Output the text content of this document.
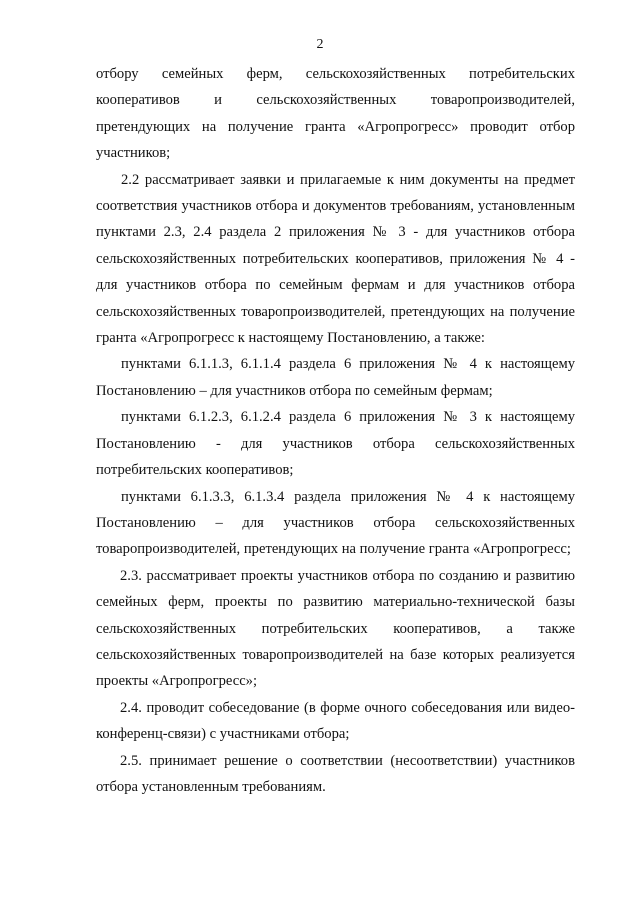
2

отбору семейных ферм, сельскохозяйственных потребительских кооперативов и сельскохозяйственных товаропроизводителей, претендующих на получение гранта «Агропрогресс» проводит отбор участников;

2.2 рассматривает заявки и прилагаемые к ним документы на предмет соответствия участников отбора и документов требованиям, установленным пунктами 2.3, 2.4 раздела 2 приложения № 3 - для участников отбора сельскохозяйственных потребительских кооперативов, приложения № 4 - для участников отбора по семейным фермам и для участников отбора сельскохозяйственных товаропроизводителей, претендующих на получение гранта «Агропрогресс к настоящему Постановлению, а также:

пунктами 6.1.1.3, 6.1.1.4 раздела 6 приложения № 4 к настоящему Постановлению – для участников отбора по семейным фермам;

пунктами 6.1.2.3, 6.1.2.4 раздела 6 приложения № 3 к настоящему Постановлению - для участников отбора сельскохозяйственных потребительских кооперативов;

пунктами 6.1.3.3, 6.1.3.4 раздела приложения № 4 к настоящему Постановлению – для участников отбора сельскохозяйственных товаропроизводителей, претендующих на получение гранта «Агропрогресс;

2.3. рассматривает проекты участников отбора по созданию и развитию семейных ферм, проекты по развитию материально-технической базы сельскохозяйственных потребительских кооперативов, а также сельскохозяйственных товаропроизводителей на базе которых реализуется проекты «Агропрогресс»;

2.4. проводит собеседование (в форме очного собеседования или видео-конференц-связи) с участниками отбора;

2.5. принимает решение о соответствии (несоответствии) участников отбора установленным требованиям.
